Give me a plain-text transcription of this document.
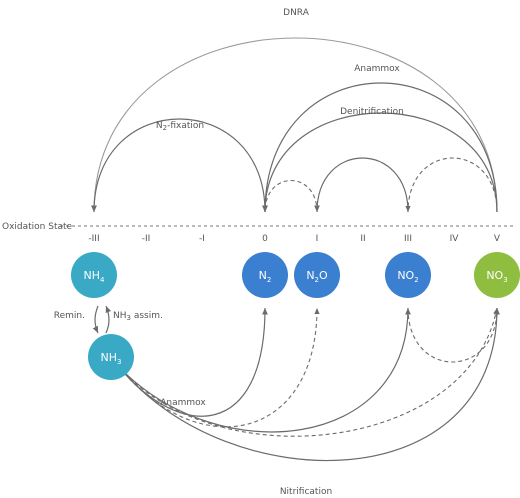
DNRA
Anammox
Denitrification
$N_2$-fixation
Oxidation State
-III	-II	-I	0	I	II	III	IV	V
Remin.	$NH_3$ assim.
Anammox
Nitrification
$NH_4$
$NH_3$
$N_2$	$N_2O$	$NO_2$	$NO_3$
